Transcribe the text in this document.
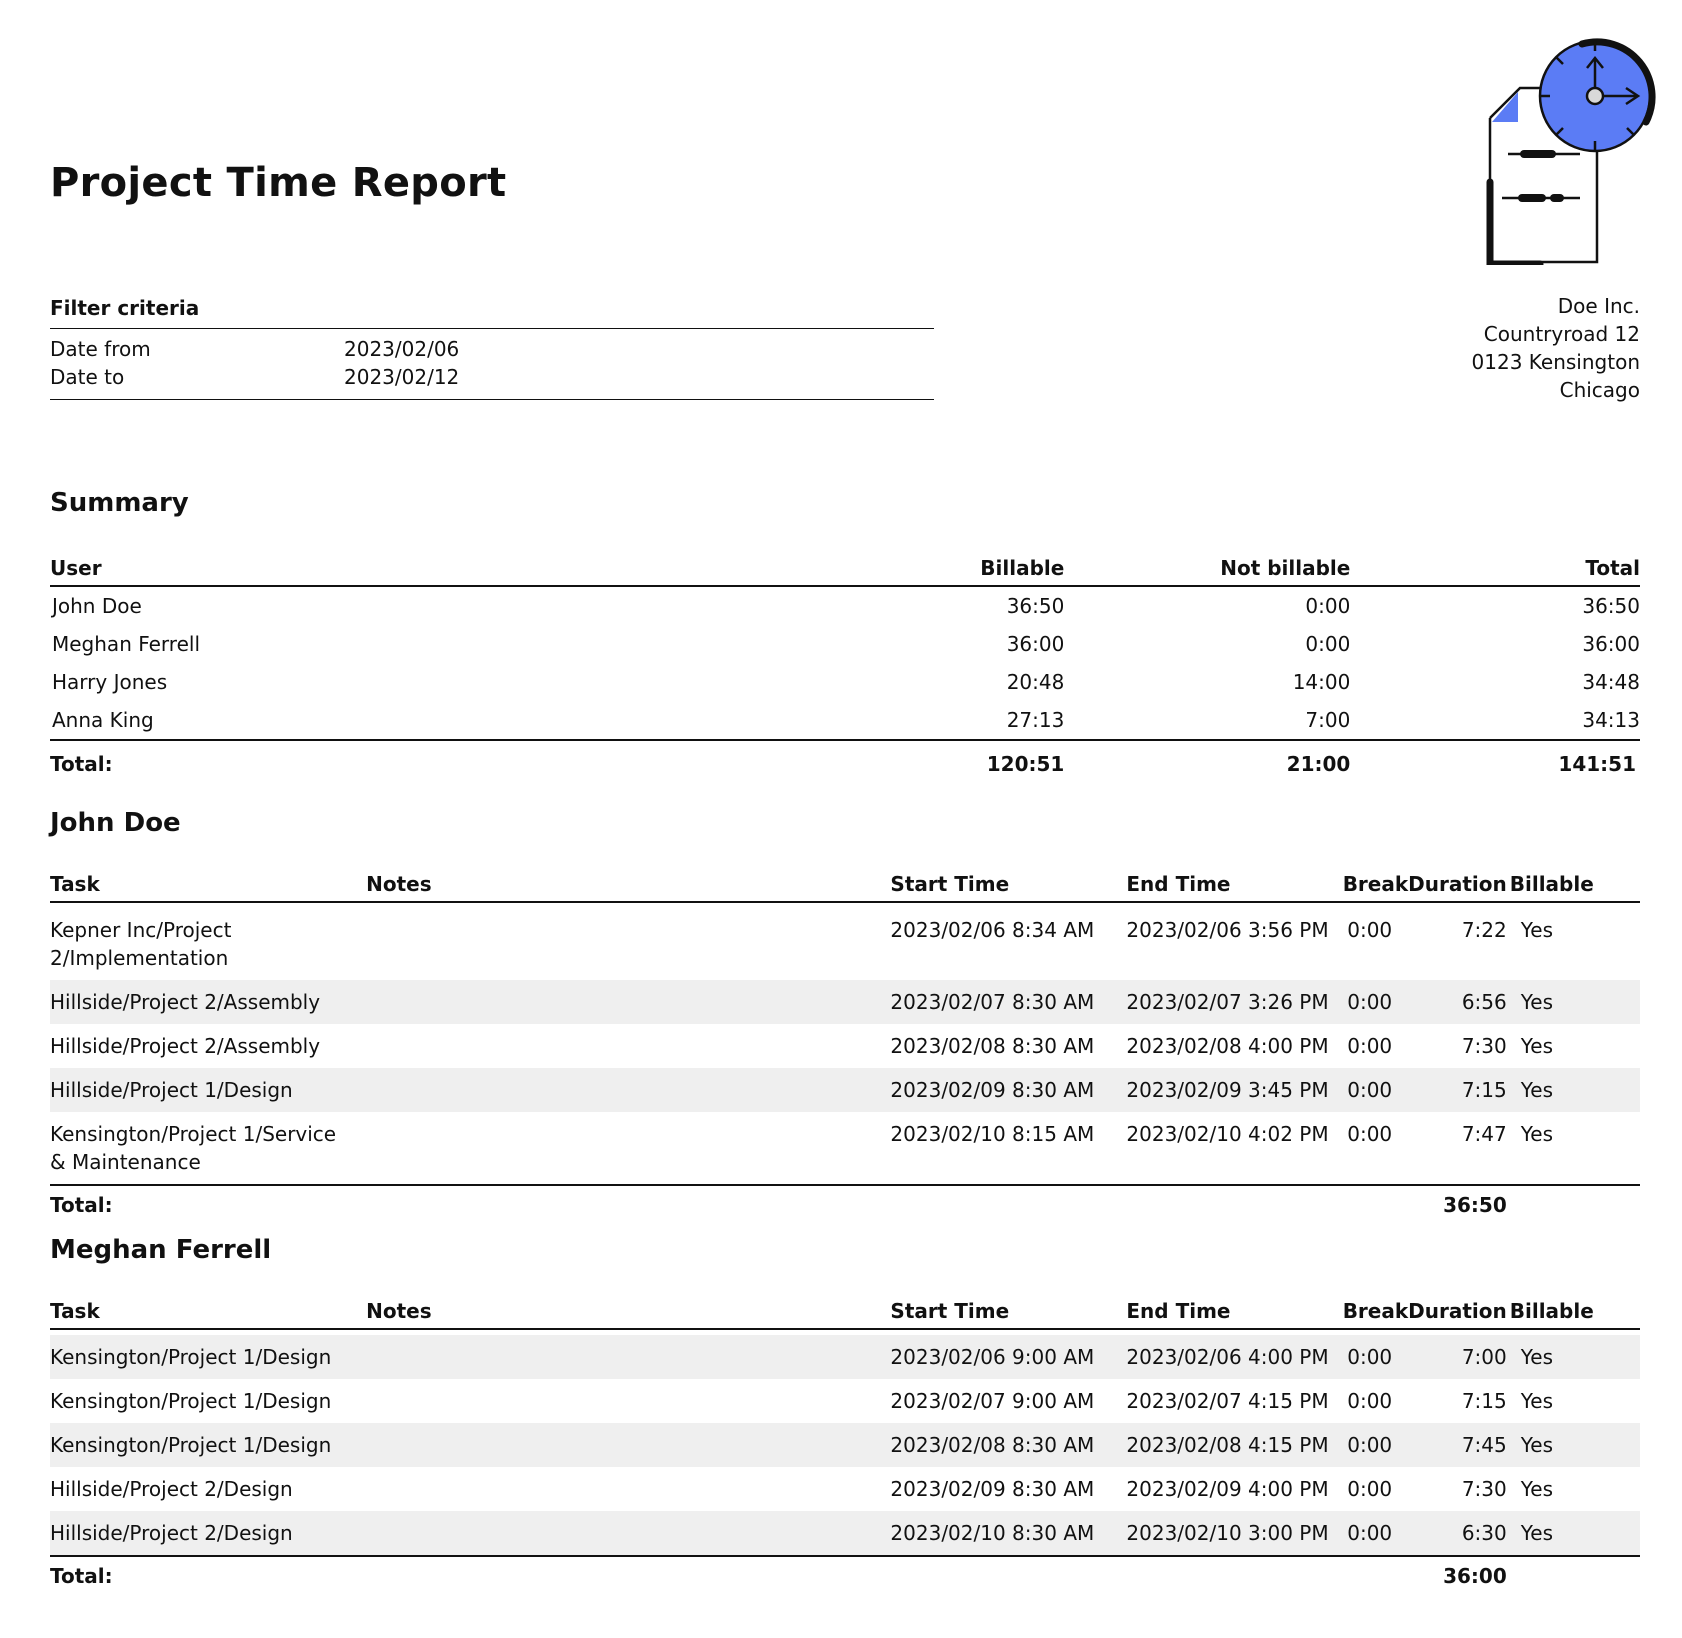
Project Time Report
Filter criteria
Date from	2023/02/06
Date to	2023/02/12
Doe Inc.
Countryroad 12
0123 Kensington
Chicago
Summary
User	Billable	Not billable	Total
John Doe	36:50	0:00	36:50
Meghan Ferrell	36:00	0:00	36:00
Harry Jones	20:48	14:00	34:48
Anna King	27:13	7:00	34:13
Total:	120:51	21:00	141:51
John Doe
Task	Notes	Start Time	End Time	Break	Duration	Billable

Kepner Inc/Project 2/Implementation		2023/02/06 8:34 AM	2023/02/06 3:56 PM	0:00	7:22	Yes
Hillside/Project 2/Assembly		2023/02/07 8:30 AM	2023/02/07 3:26 PM	0:00	6:56	Yes
Hillside/Project 2/Assembly		2023/02/08 8:30 AM	2023/02/08 4:00 PM	0:00	7:30	Yes
Hillside/Project 1/Design		2023/02/09 8:30 AM	2023/02/09 3:45 PM	0:00	7:15	Yes
Kensington/Project 1/Service & Maintenance		2023/02/10 8:15 AM	2023/02/10 4:02 PM	0:00	7:47	Yes
Total:					36:50	
Meghan Ferrell
Task	Notes	Start Time	End Time	Break	Duration	Billable

Kensington/Project 1/Design		2023/02/06 9:00 AM	2023/02/06 4:00 PM	0:00	7:00	Yes
Kensington/Project 1/Design		2023/02/07 9:00 AM	2023/02/07 4:15 PM	0:00	7:15	Yes
Kensington/Project 1/Design		2023/02/08 8:30 AM	2023/02/08 4:15 PM	0:00	7:45	Yes
Hillside/Project 2/Design		2023/02/09 8:30 AM	2023/02/09 4:00 PM	0:00	7:30	Yes
Hillside/Project 2/Design		2023/02/10 8:30 AM	2023/02/10 3:00 PM	0:00	6:30	Yes
Total:					36:00	
